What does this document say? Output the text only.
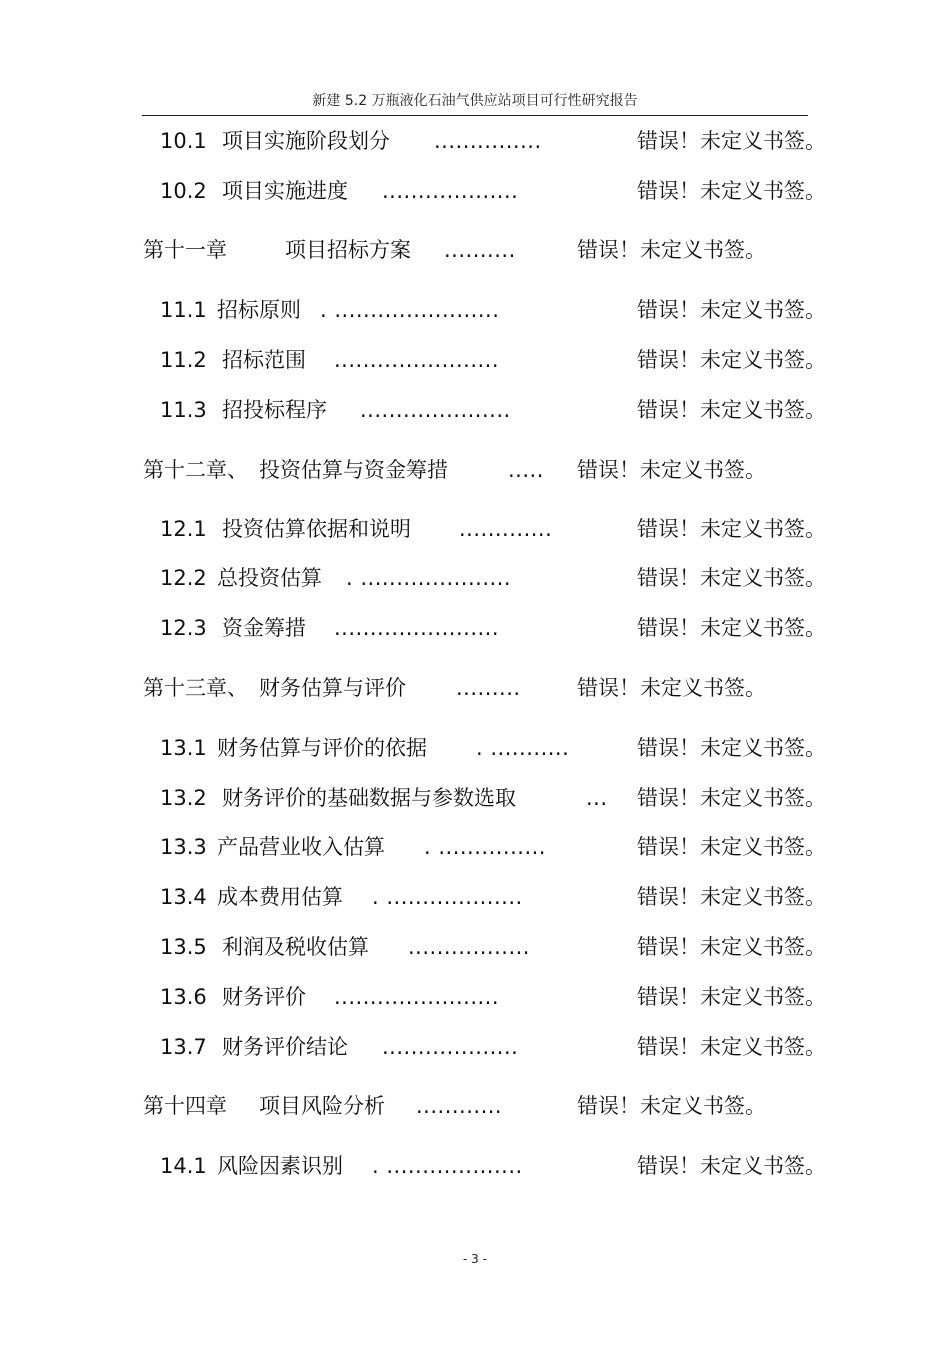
新建 5.2 万瓶液化石油气供应站项目可行性研究报告
10.1 项目实施阶段划分 ...............	错误！未定义书签。
10.2 项目实施进度 ...................	错误！未定义书签。
第十一章	项目招标方案 ..........	错误！未定义书签。
11.1 招标原则 . .......................	错误！未定义书签。
11.2 招标范围 .......................	错误！未定义书签。
11.3 招投标程序 .....................	错误！未定义书签。
第十二章、 投资估算与资金筹措	..... 错误！未定义书签。
12.1 投资估算依据和说明 .............	错误！未定义书签。
12.2 总投资估算 . .....................	错误！未定义书签。
12.3 资金筹措 .......................	错误！未定义书签。
第十三章、 财务估算与评价 .........	错误！未定义书签。
13.1 财务估算与评价的依据 . ...........	错误！未定义书签。
13.2 财务评价的基础数据与参数选取	... 错误！未定义书签。
13.3 产品营业收入估算 . ...............	错误！未定义书签。
13.4 成本费用估算 . ...................	错误！未定义书签。
13.5 利润及税收估算 .................	错误！未定义书签。
13.6 财务评价 .......................	错误！未定义书签。
13.7 财务评价结论 ...................	错误！未定义书签。
第十四章 项目风险分析 ............	错误！未定义书签。
14.1 风险因素识别 . ...................	错误！未定义书签。
- 3 -
